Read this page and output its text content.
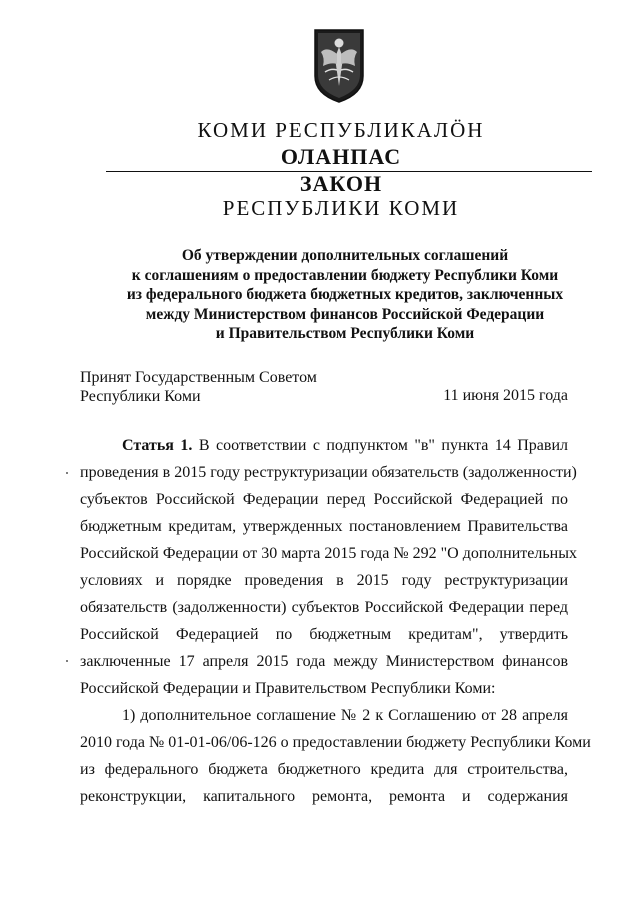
КОМИ РЕСПУБЛИКАЛÖН
ОЛАНПАС
ЗАКОН
РЕСПУБЛИКИ КОМИ
Об утверждении дополнительных соглашений
к соглашениям о предоставлении бюджету Республики Коми
из федерального бюджета бюджетных кредитов, заключенных
между Министерством финансов Российской Федерации
и Правительством Республики Коми
Принят Государственным Советом
Республики Коми	11 июня 2015 года
Статья 1. В соответствии с подпунктом "в" пункта 14 Правил
проведения в 2015 году реструктуризации обязательств (задолженности)
субъектов Российской Федерации перед Российской Федерацией по
бюджетным кредитам, утвержденных постановлением Правительства
Российской Федерации от 30 марта 2015 года № 292 "О дополнительных
условиях и порядке проведения в 2015 году реструктуризации
обязательств (задолженности) субъектов Российской Федерации перед
Российской Федерацией по бюджетным кредитам", утвердить
заключенные 17 апреля 2015 года между Министерством финансов
Российской Федерации и Правительством Республики Коми:
1) дополнительное соглашение № 2 к Соглашению от 28 апреля
2010 года № 01-01-06/06-126 о предоставлении бюджету Республики Коми
из федерального бюджета бюджетного кредита для строительства,
реконструкции, капитального ремонта, ремонта и содержания
